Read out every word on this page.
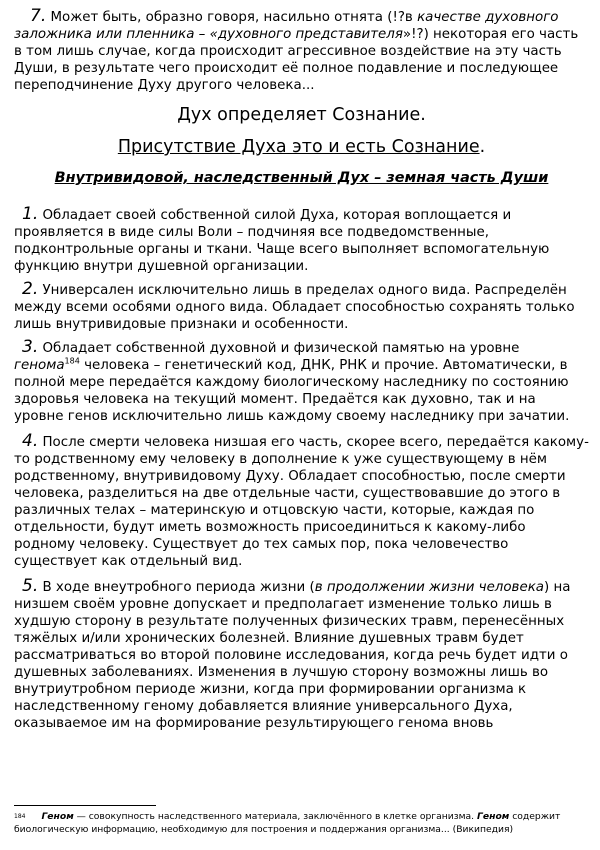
7. Может быть, образно говоря, насильно отнята (!?в качестве духовного заложника или пленника – «духовного представителя»!?) некоторая его часть в том лишь случае, когда происходит агрессивное воздействие на эту часть Души, в результате чего происходит её полное подавление и последующее переподчинение Духу другого человека...

Дух определяет Сознание.
Присутствие Духа это и есть Сознание.
Внутривидовой, наследственный Дух – земная часть Души

1. Обладает своей собственной силой Духа, которая воплощается и проявляется в виде силы Воли – подчиняя все подведомственные, подконтрольные органы и ткани. Чаще всего выполняет вспомогательную функцию внутри душевной организации.

2. Универсален исключительно лишь в пределах одного вида. Распределён между всеми особями одного вида. Обладает способностью сохранять только лишь внутривидовые признаки и особенности.

3. Обладает собственной духовной и физической памятью на уровне генома$^{184}$ человека – генетический код, ДНК, РНК и прочие. Автоматически, в полной мере передаётся каждому биологическому наследнику по состоянию здоровья человека на текущий момент. Предаётся как духовно, так и на уровне генов исключительно лишь каждому своему наследнику при зачатии.

4. После смерти человека низшая его часть, скорее всего, передаётся какому-то родственному ему человеку в дополнение к уже существующему в нём родственному, внутривидовому Духу. Обладает способностью, после смерти человека, разделиться на две отдельные части, существовавшие до этого в различных телах – материнскую и отцовскую части, которые, каждая по отдельности, будут иметь возможность присоединиться к какому-либо родному человеку. Существует до тех самых пор, пока человечество существует как отдельный вид.

5. В ходе внеутробного периода жизни (в продолжении жизни человека) на низшем своём уровне допускает и предполагает изменение только лишь в худшую сторону в результате полученных физических травм, перенесённых тяжёлых и/или хронических болезней. Влияние душевных травм будет рассматриваться во второй половине исследования, когда речь будет идти о душевных заболеваниях. Изменения в лучшую сторону возможны лишь во внутриутробном периоде жизни, когда при формировании организма к наследственному геному добавляется влияние универсального Духа, оказываемое им на формирование результирующего генома вновь

$^{184}$ Геном — совокупность наследственного материала, заключённого в клетке организма. Геном содержит биологическую информацию, необходимую для построения и поддержания организма... (Википедия)
